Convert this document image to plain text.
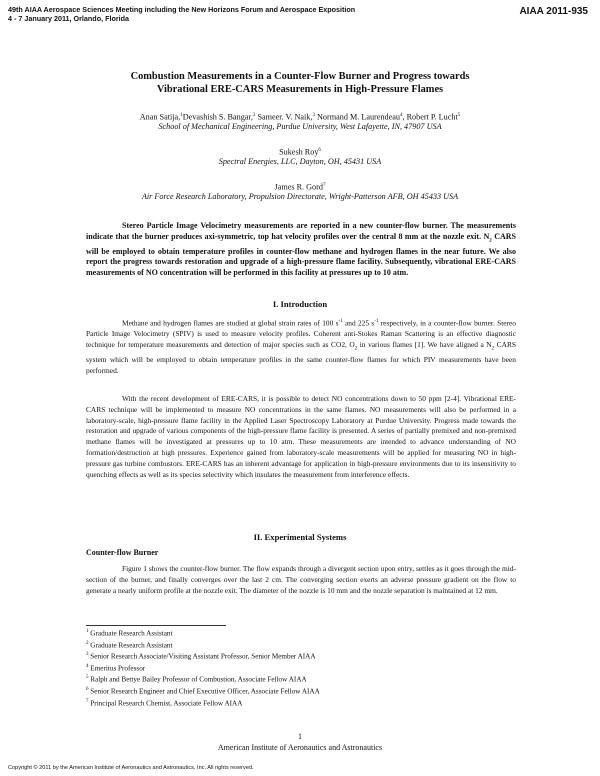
49th AIAA Aerospace Sciences Meeting including the New Horizons Forum and Aerospace Exposition
4 - 7 January 2011, Orlando, Florida
AIAA 2011-935
Combustion Measurements in a Counter-Flow Burner and Progress towards
Vibrational ERE-CARS Measurements in High-Pressure Flames
Anan Satija,$^1$Devashish S. Bangar,$^2$ Sameer. V. Naik,$^3$ Normand M. Laurendeau$^4$, Robert P. Lucht$^5$
School of Mechanical Engineering, Purdue University, West Lafayette, IN, 47907 USA
Sukesh Roy$^6$
Spectral Energies, LLC, Dayton, OH, 45431 USA
James R. Gord$^7$
Air Force Research Laboratory, Propulsion Directorate, Wright-Patterson AFB, OH 45433 USA

Stereo Particle Image Velocimetry measurements are reported in a new counter-flow burner. The measurements indicate that the burner produces axi-symmetric, top hat velocity profiles over the central 8 mm at the nozzle exit. $N_2$ CARS will be employed to obtain temperature profiles in counter-flow methane and hydrogen flames in the near future. We also report the progress towards restoration and upgrade of a high-pressure flame facility. Subsequently, vibrational ERE-CARS measurements of NO concentration will be performed in this facility at pressures up to 10 atm.

I. Introduction

Methane and hydrogen flames are studied at global strain rates of 100 $s^{-1}$ and 225 $s^{-1}$ respectively, in a counter-flow burner. Stereo Particle Image Velocimetry (SPIV) is used to measure velocity profiles. Coherent anti-Stokes Raman Scattering is an effective diagnostic technique for temperature measurements and detection of major species such as CO2, $O_2$ in various flames [1]. We have aligned a $N_2$ CARS system which will be employed to obtain temperature profiles in the same counter-flow flames for which PIV measurements have been performed.

With the recent development of ERE-CARS, it is possible to detect NO concentrations down to 50 ppm [2-4]. Vibrational ERE-CARS technique will be implemented to measure NO concentrations in the same flames. NO measurements will also be performed in a laboratory-scale, high-pressure flame facility in the Applied Laser Spectroscopy Laboratory at Purdue University. Progress made towards the restoration and upgrade of various components of the high-pressure flame facility is presented. A series of partially premixed and non-premixed methane flames will be investigated at pressures up to 10 atm. These measurements are intended to advance understanding of NO formation/destruction at high pressures. Experience gained from laboratory-scale measurements will be applied for measuring NO in high-pressure gas turbine combustors. ERE-CARS has an inherent advantage for application in high-pressure environments due to its insensitivity to quenching effects as well as its species selectivity which insulates the measurement from interference effects.

II. Experimental Systems
Counter-flow Burner

Figure 1 shows the counter-flow burner. The flow expands through a divergent section upon entry, settles as it goes through the mid-section of the burner, and finally converges over the last 2 cm. The converging section exerts an adverse pressure gradient on the flow to generate a nearly uniform profile at the nozzle exit. The diameter of the nozzle is 10 mm and the nozzle separation is maintained at 12 mm.

$^1$ Graduate Research Assistant
$^2$ Graduate Research Assistant
$^3$ Senior Research Associate/Visiting Assistant Professor, Senior Member AIAA
$^4$ Emeritus Professor
$^5$ Ralph and Bettye Bailey Professor of Combustion, Associate Fellow AIAA
$^6$ Senior Research Engineer and Chief Executive Officer, Associate Fellow AIAA
$^7$ Principal Research Chemist, Associate Fellow AIAA
1
American Institute of Aeronautics and Astronautics
Copyright © 2011 by the American Institute of Aeronautics and Astronautics, Inc. All rights reserved.
